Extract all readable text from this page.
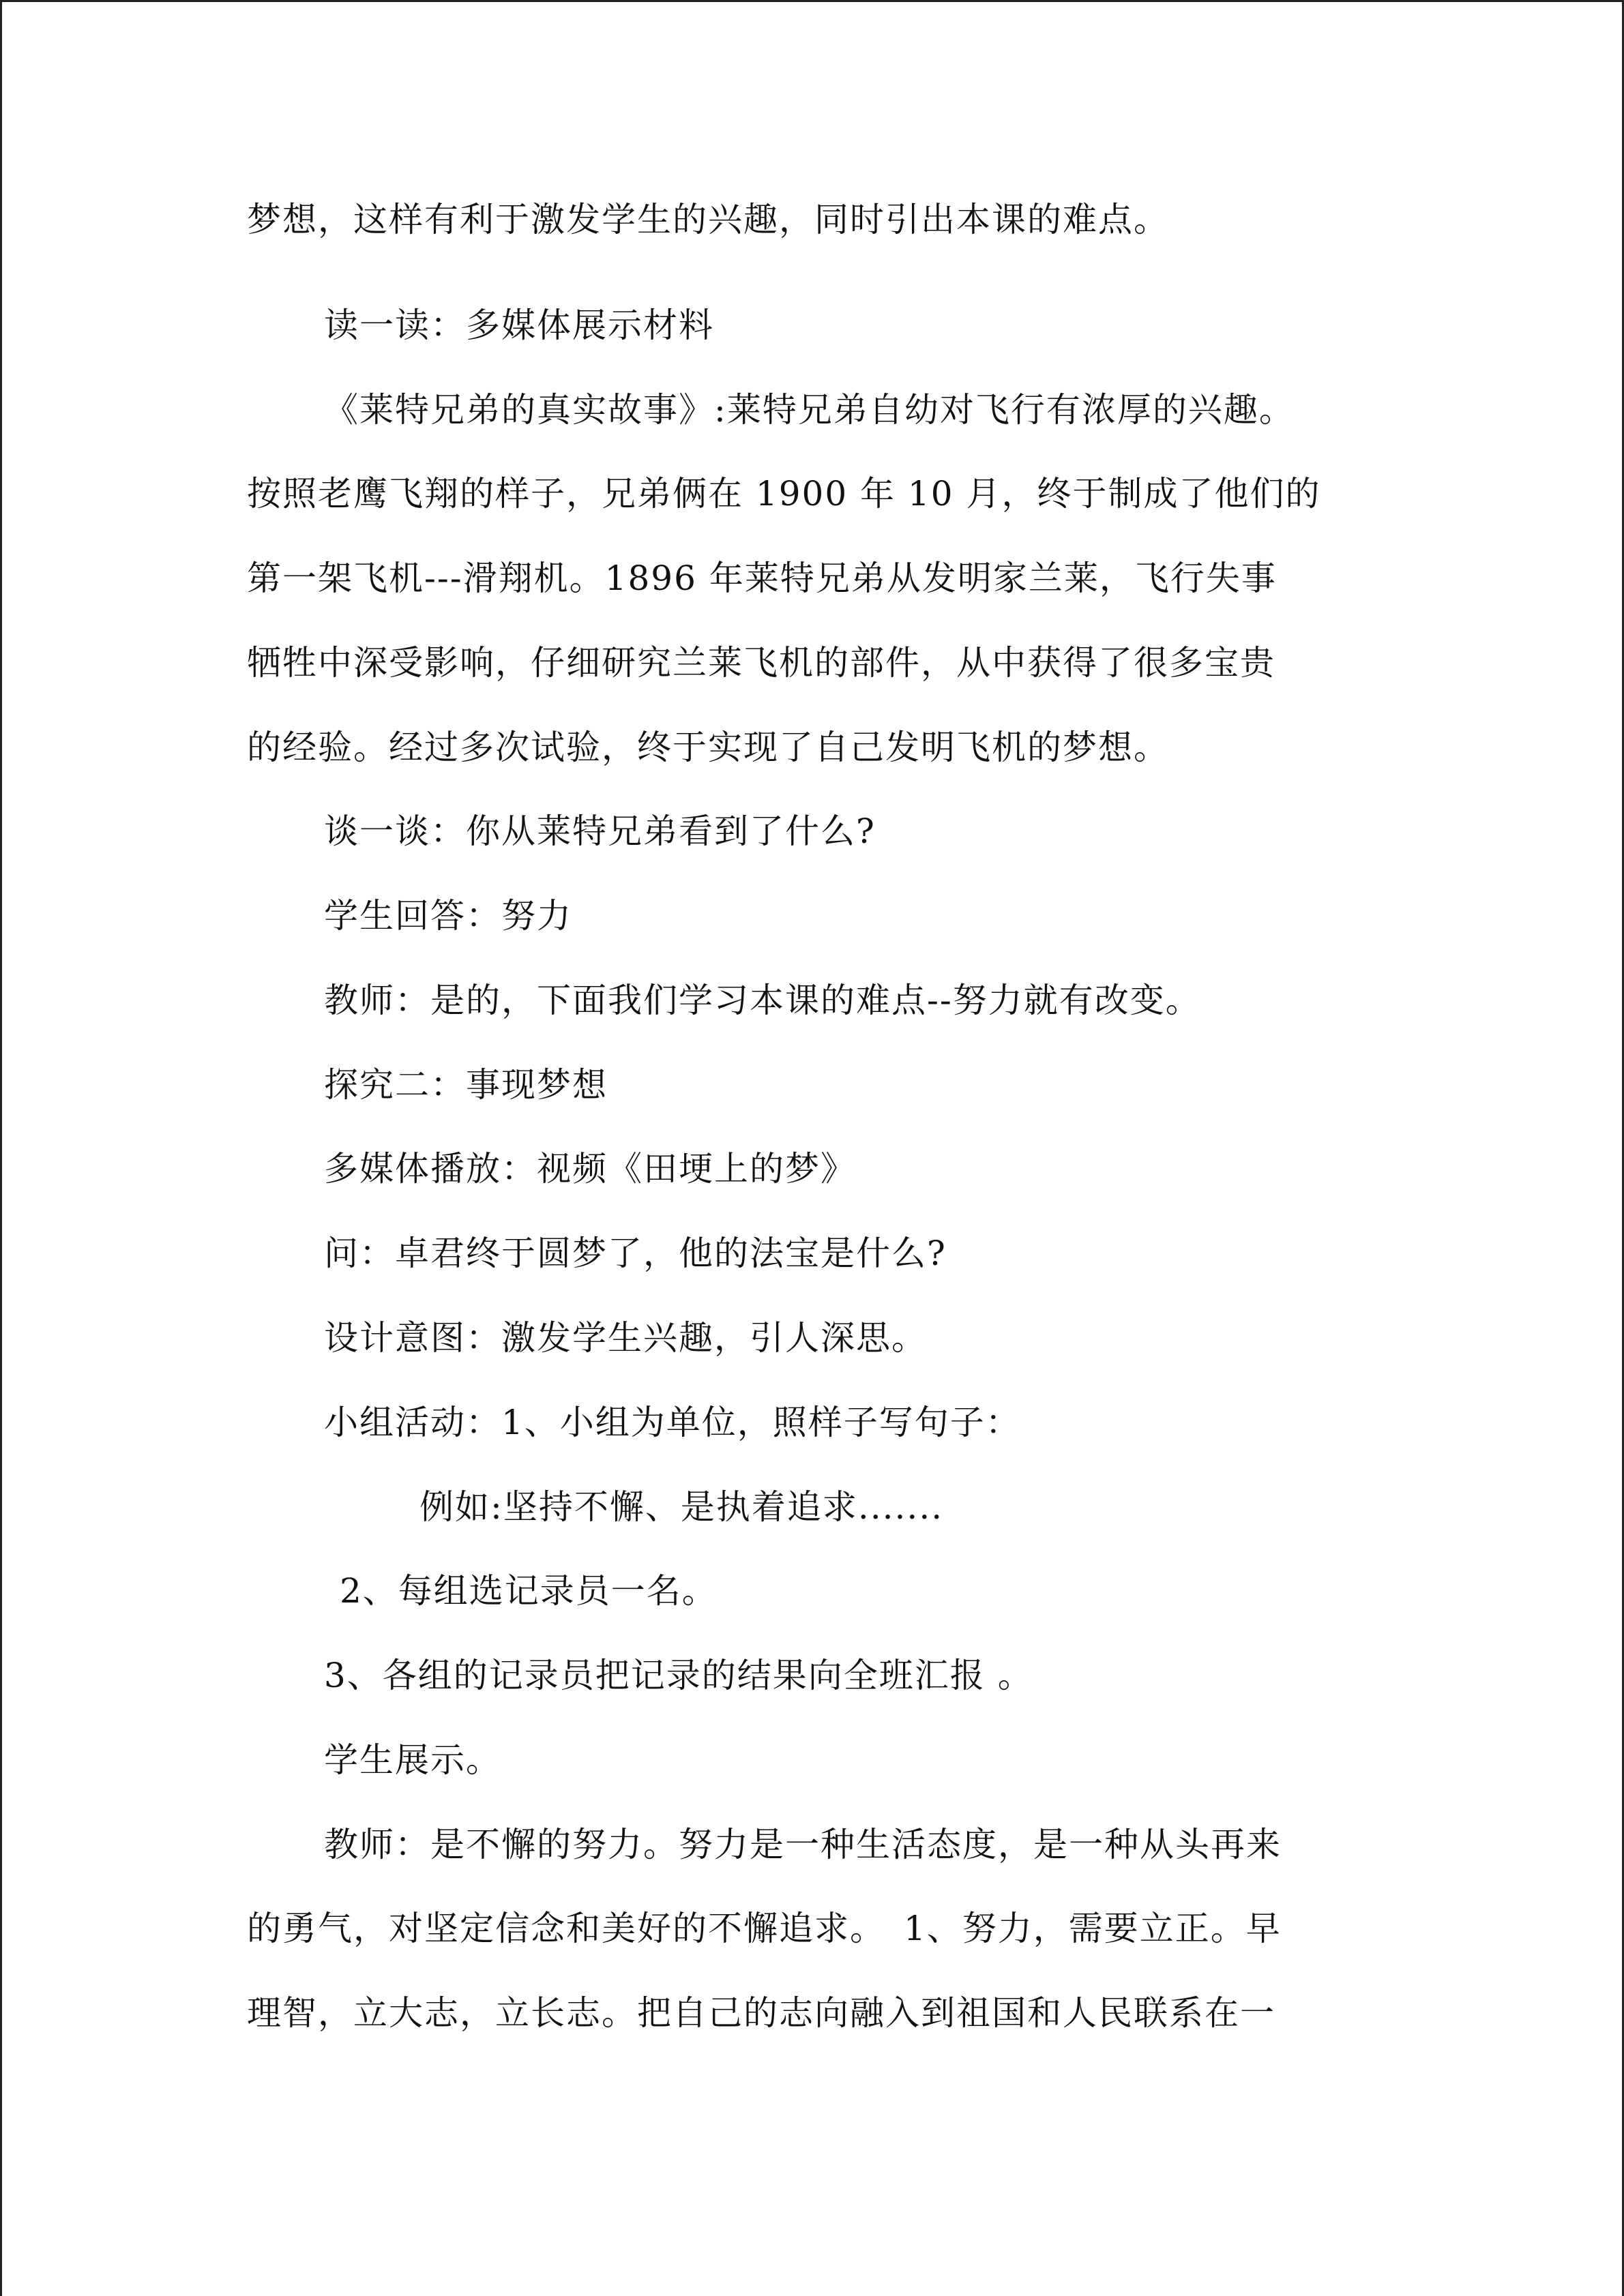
梦想，这样有利于激发学生的兴趣，同时引出本课的难点。
读一读：多媒体展示材料
《莱特兄弟的真实故事》:莱特兄弟自幼对飞行有浓厚的兴趣。
按照老鹰飞翔的样子，兄弟俩在 1900 年 10 月，终于制成了他们的
第一架飞机---滑翔机。1896 年莱特兄弟从发明家兰莱，飞行失事
牺牲中深受影响，仔细研究兰莱飞机的部件，从中获得了很多宝贵
的经验。经过多次试验，终于实现了自己发明飞机的梦想。
谈一谈：你从莱特兄弟看到了什么?
学生回答：努力
教师：是的，下面我们学习本课的难点--努力就有改变。
探究二：事现梦想
多媒体播放：视频《田埂上的梦》
问：卓君终于圆梦了，他的法宝是什么?
设计意图：激发学生兴趣，引人深思。
小组活动：1、小组为单位，照样子写句子：
例如:坚持不懈、是执着追求.......
2、每组选记录员一名。
3、各组的记录员把记录的结果向全班汇报 。
学生展示。
教师：是不懈的努力。努力是一种生活态度，是一种从头再来
的勇气，对坚定信念和美好的不懈追求。　1、努力，需要立正。早
理智，立大志，立长志。把自己的志向融入到祖国和人民联系在一
